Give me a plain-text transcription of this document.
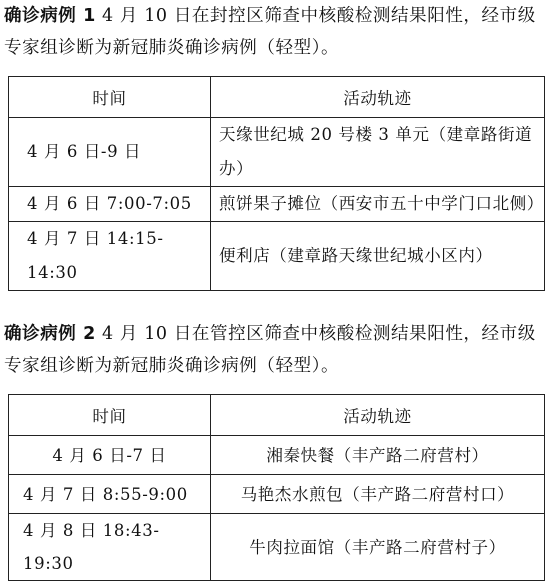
确诊病例 1 4 月 10 日在封控区筛查中核酸检测结果阳性，经市级专家组诊断为新冠肺炎确诊病例（轻型）。

时间	活动轨迹
4 月 6 日-9 日	天缘世纪城 20 号楼 3 单元（建章路街道办）
4 月 6 日 7:00-7:05	煎饼果子摊位（西安市五十中学门口北侧）
4 月 7 日 14:15-14:30	便利店（建章路天缘世纪城小区内）

确诊病例 2 4 月 10 日在管控区筛查中核酸检测结果阳性，经市级专家组诊断为新冠肺炎确诊病例（轻型）。

时间	活动轨迹
4 月 6 日-7 日	湘秦快餐（丰产路二府营村）
4 月 7 日 8:55-9:00	马艳杰水煎包（丰产路二府营村口）
4 月 8 日 18:43-19:30	牛肉拉面馆（丰产路二府营村子）
